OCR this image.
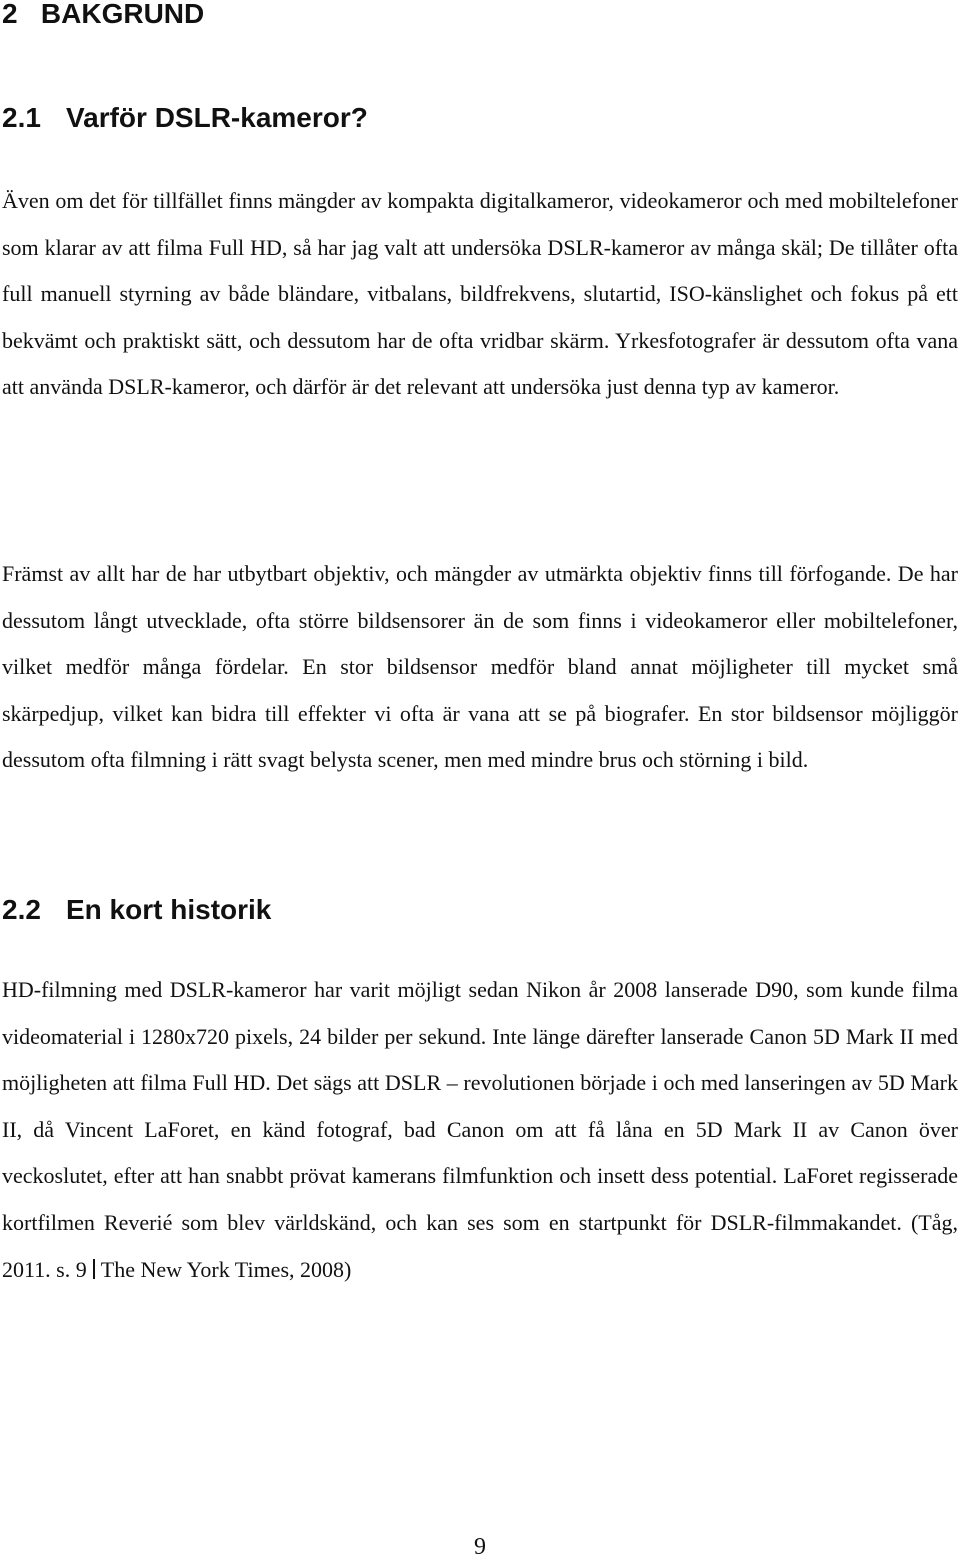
2 BAKGRUND
2.1 Varför DSLR-kameror?

Även om det för tillfället finns mängder av kompakta digitalkameror, videokameror och med mobiltelefoner som klarar av att filma Full HD, så har jag valt att undersöka DSLR-kameror av många skäl; De tillåter ofta full manuell styrning av både bländare, vitbalans, bildfrekvens, slutartid, ISO-känslighet och fokus på ett bekvämt och praktiskt sätt, och dessutom har de ofta vridbar skärm. Yrkesfotografer är dessutom ofta vana att använda DSLR-kameror, och därför är det relevant att undersöka just denna typ av kameror.

Främst av allt har de har utbytbart objektiv, och mängder av utmärkta objektiv finns till förfogande. De har dessutom långt utvecklade, ofta större bildsensorer än de som finns i videokameror eller mobiltelefoner, vilket medför många fördelar. En stor bildsensor medför bland annat möjligheter till mycket små skärpedjup, vilket kan bidra till effekter vi ofta är vana att se på biografer. En stor bildsensor möjliggör dessutom ofta filmning i rätt svagt belysta scener, men med mindre brus och störning i bild.

2.2 En kort historik

HD-filmning med DSLR-kameror har varit möjligt sedan Nikon år 2008 lanserade D90, som kunde filma videomaterial i 1280x720 pixels, 24 bilder per sekund. Inte länge därefter lanserade Canon 5D Mark II med möjligheten att filma Full HD. Det sägs att DSLR – revolutionen började i och med lanseringen av 5D Mark II, då Vincent LaForet, en känd fotograf, bad Canon om att få låna en 5D Mark II av Canon över veckoslutet, efter att han snabbt prövat kamerans filmfunktion och insett dess potential. LaForet regisserade kortfilmen Reverié som blev världskänd, och kan ses som en startpunkt för DSLR-filmmakandet. (Tåg, 2011. s. 9 The New York Times, 2008)

9
